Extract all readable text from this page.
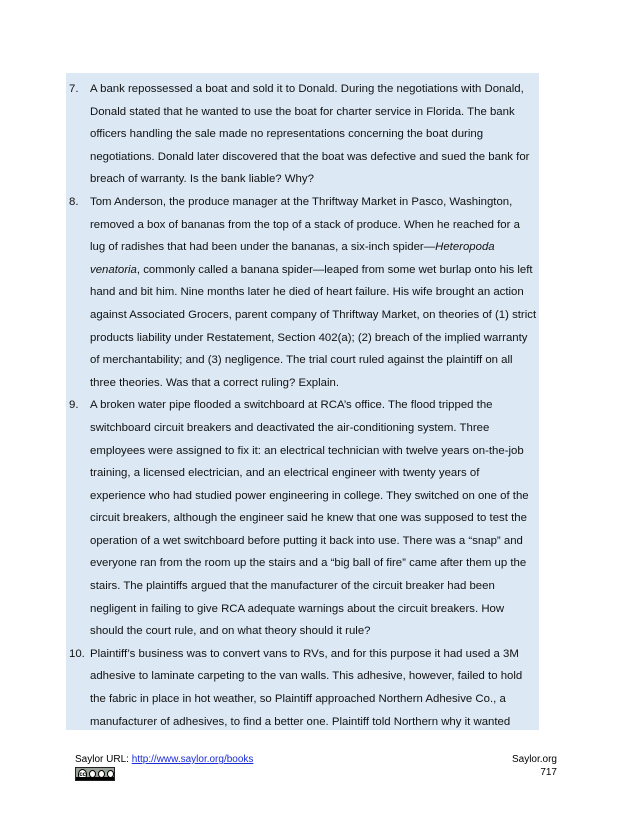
7. A bank repossessed a boat and sold it to Donald. During the negotiations with Donald, Donald stated that he wanted to use the boat for charter service in Florida. The bank officers handling the sale made no representations concerning the boat during negotiations. Donald later discovered that the boat was defective and sued the bank for breach of warranty. Is the bank liable? Why?
8. Tom Anderson, the produce manager at the Thriftway Market in Pasco, Washington, removed a box of bananas from the top of a stack of produce. When he reached for a lug of radishes that had been under the bananas, a six-inch spider—Heteropoda venatoria, commonly called a banana spider—leaped from some wet burlap onto his left hand and bit him. Nine months later he died of heart failure. His wife brought an action against Associated Grocers, parent company of Thriftway Market, on theories of (1) strict products liability under Restatement, Section 402(a); (2) breach of the implied warranty of merchantability; and (3) negligence. The trial court ruled against the plaintiff on all three theories. Was that a correct ruling? Explain.
9. A broken water pipe flooded a switchboard at RCA’s office. The flood tripped the switchboard circuit breakers and deactivated the air-conditioning system. Three employees were assigned to fix it: an electrical technician with twelve years on-the-job training, a licensed electrician, and an electrical engineer with twenty years of experience who had studied power engineering in college. They switched on one of the circuit breakers, although the engineer said he knew that one was supposed to test the operation of a wet switchboard before putting it back into use. There was a “snap” and everyone ran from the room up the stairs and a “big ball of fire” came after them up the stairs. The plaintiffs argued that the manufacturer of the circuit breaker had been negligent in failing to give RCA adequate warnings about the circuit breakers. How should the court rule, and on what theory should it rule?
10. Plaintiff’s business was to convert vans to RVs, and for this purpose it had used a 3M adhesive to laminate carpeting to the van walls. This adhesive, however, failed to hold the fabric in place in hot weather, so Plaintiff approached Northern Adhesive Co., a manufacturer of adhesives, to find a better one. Plaintiff told Northern why it wanted
Saylor URL: http://www.saylor.org/books
cc
Saylor.org
717
